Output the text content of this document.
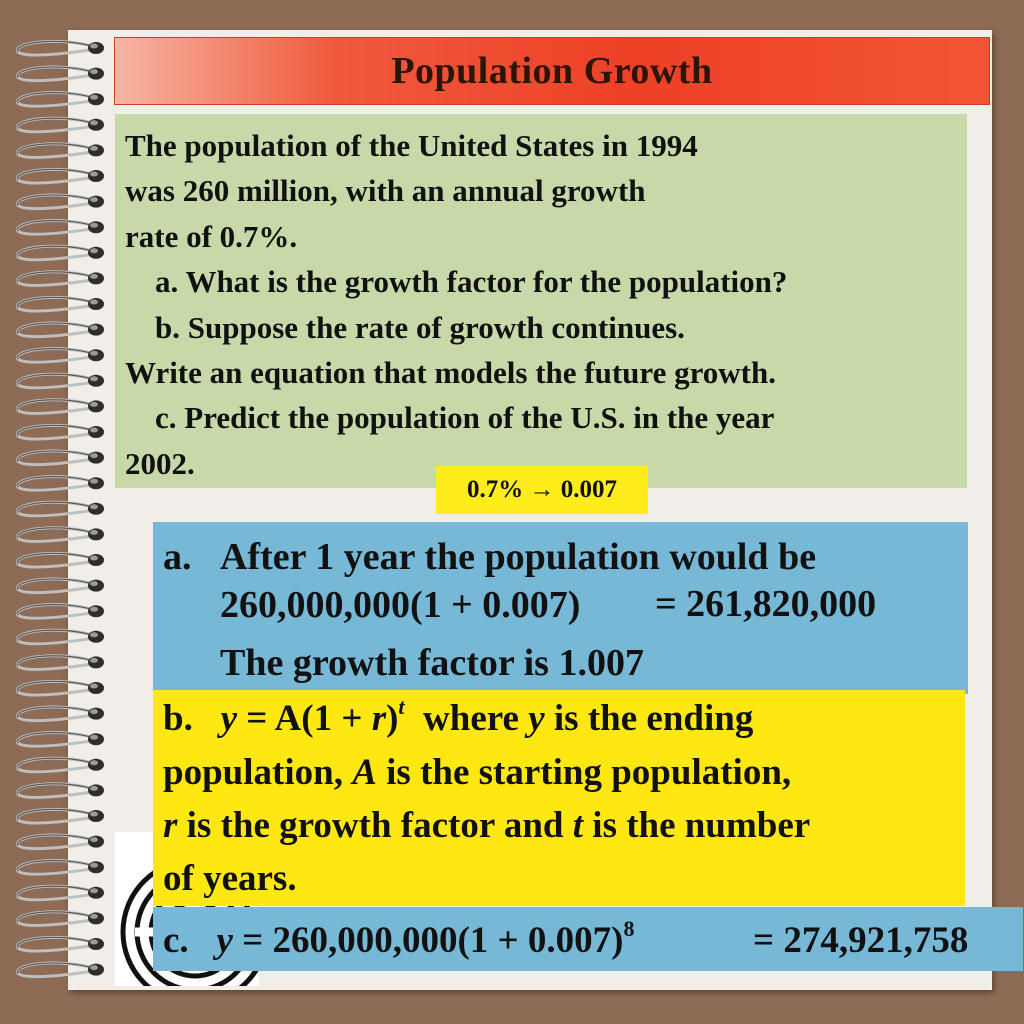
Population Growth
The population of the United States in 1994
was 260 million, with an annual growth
rate of 0.7%.
a. What is the growth factor for the population?
b. Suppose the rate of growth continues.
Write an equation that models the future growth.
c. Predict the population of the U.S. in the year
2002.
0.7% → 0.007
a. After 1 year the population would be
260,000,000(1 + 0.007) = 261,820,000
The growth factor is 1.007
b. $y = A(1 + r)^t$  where y is the ending
population, A is the starting population,
r is the growth factor and t is the number
of years.
c. $y = 260,000,000(1 + 0.007)^8$	= 274,921,758
